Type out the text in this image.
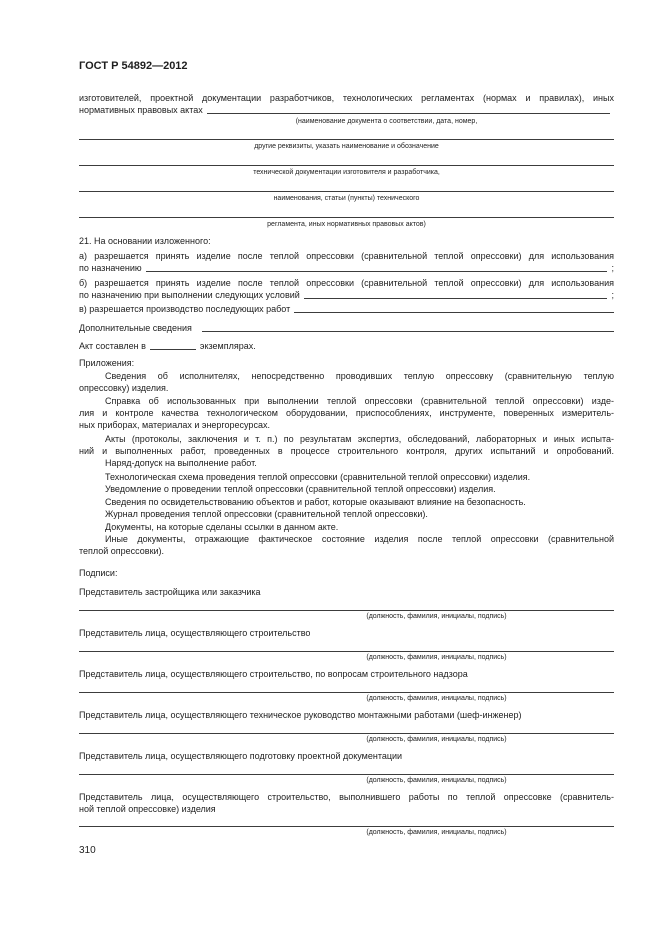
ГОСТ Р 54892—2012
изготовителей, проектной документации разработчиков, технологических регламентах (нормах и правилах), иных
нормативных правовых актах
(наименование документа о соответствии, дата, номер,
другие реквизиты, указать наименование и обозначение
технической документации изготовителя и разработчика,
наименования, статьи (пункты) технического
регламента, иных нормативных правовых актов)
21. На основании изложенного:
а) разрешается принять изделие после теплой опрессовки (сравнительной теплой опрессовки) для использования
по назначению	;
б) разрешается принять изделие после теплой опрессовки (сравнительной теплой опрессовки) для использования
по назначению при выполнении следующих условий	;
в) разрешается производство последующих работ
Дополнительные сведения
Акт составлен в	экземплярах.
Приложения:
Сведения об исполнителях, непосредственно проводивших теплую опрессовку (сравнительную теплую
опрессовку) изделия.
Справка об использованных при выполнении теплой опрессовки (сравнительной теплой опрессовки) изде-
лия и контроле качества технологическом оборудовании, приспособлениях, инструменте, поверенных измеритель-
ных приборах, материалах и энергоресурсах.
Акты (протоколы, заключения и т. п.) по результатам экспертиз, обследований, лабораторных и иных испыта-
ний и выполненных работ, проведенных в процессе строительного контроля, других испытаний и опробований.
Наряд-допуск на выполнение работ.
Технологическая схема проведения теплой опрессовки (сравнительной теплой опрессовки) изделия.
Уведомление о проведении теплой опрессовки (сравнительной теплой опрессовки) изделия.
Сведения по освидетельствованию объектов и работ, которые оказывают влияние на безопасность.
Журнал проведения теплой опрессовки (сравнительной теплой опрессовки).
Документы, на которые сделаны ссылки в данном акте.
Иные документы, отражающие фактическое состояние изделия после теплой опрессовки (сравнительной
теплой опрессовки).
Подписи:
Представитель застройщика или заказчика
(должность, фамилия, инициалы, подпись)
Представитель лица, осуществляющего строительство
(должность, фамилия, инициалы, подпись)
Представитель лица, осуществляющего строительство, по вопросам строительного надзора
(должность, фамилия, инициалы, подпись)
Представитель лица, осуществляющего техническое руководство монтажными работами (шеф-инженер)
(должность, фамилия, инициалы, подпись)
Представитель лица, осуществляющего подготовку проектной документации
(должность, фамилия, инициалы, подпись)
Представитель лица, осуществляющего строительство, выполнившего работы по теплой опрессовке (сравнитель-
ной теплой опрессовке) изделия
(должность, фамилия, инициалы, подпись)
310
